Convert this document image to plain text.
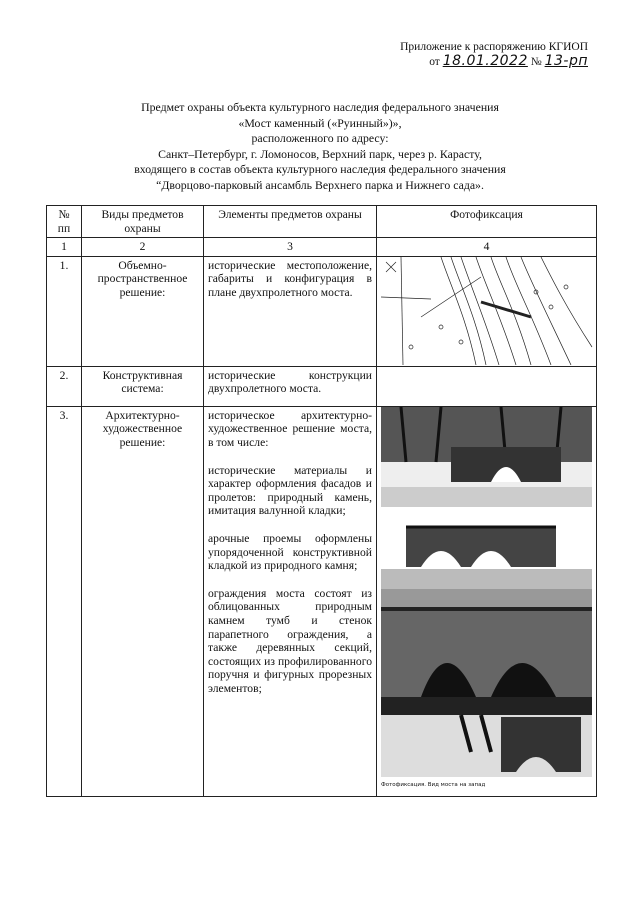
Приложение к распоряжению КГИОП
от 18.01.2022 № 13-рп
Предмет охраны объекта культурного наследия федерального значения
«Мост каменный («Руинный»)»,
расположенного по адресу:
Санкт–Петербург, г. Ломоносов, Верхний парк, через р. Карасту,
входящего в состав объекта культурного наследия федерального значения
“Дворцово-парковый ансамбль Верхнего парка и Нижнего сада».
№ пп	Виды предметов охраны	Элементы предметов охраны	Фотофиксация
1	2	3	4
1.	Объемно-пространственное решение:	исторические местоположение, габариты и конфигурация в плане двухпролетного моста.	

2.	Конструктивная система:	исторические конструкции двухпролетного моста.	
3.	Архитектурно-художественное решение:	историческое архитектурно-художественное решение моста, в том числе:

исторические материалы и характер оформления фасадов и пролетов: природный камень, имитация валунной кладки;

арочные проемы оформлены упорядоченной конструктивной кладкой из природного камня;

ограждения моста состоят из облицованных природным камнем тумб и стенок парапетного ограждения, а также деревянных секций, состоящих из профилированного поручня и фигурных прорезных элементов;	Фотофиксация. Вид моста на запад
